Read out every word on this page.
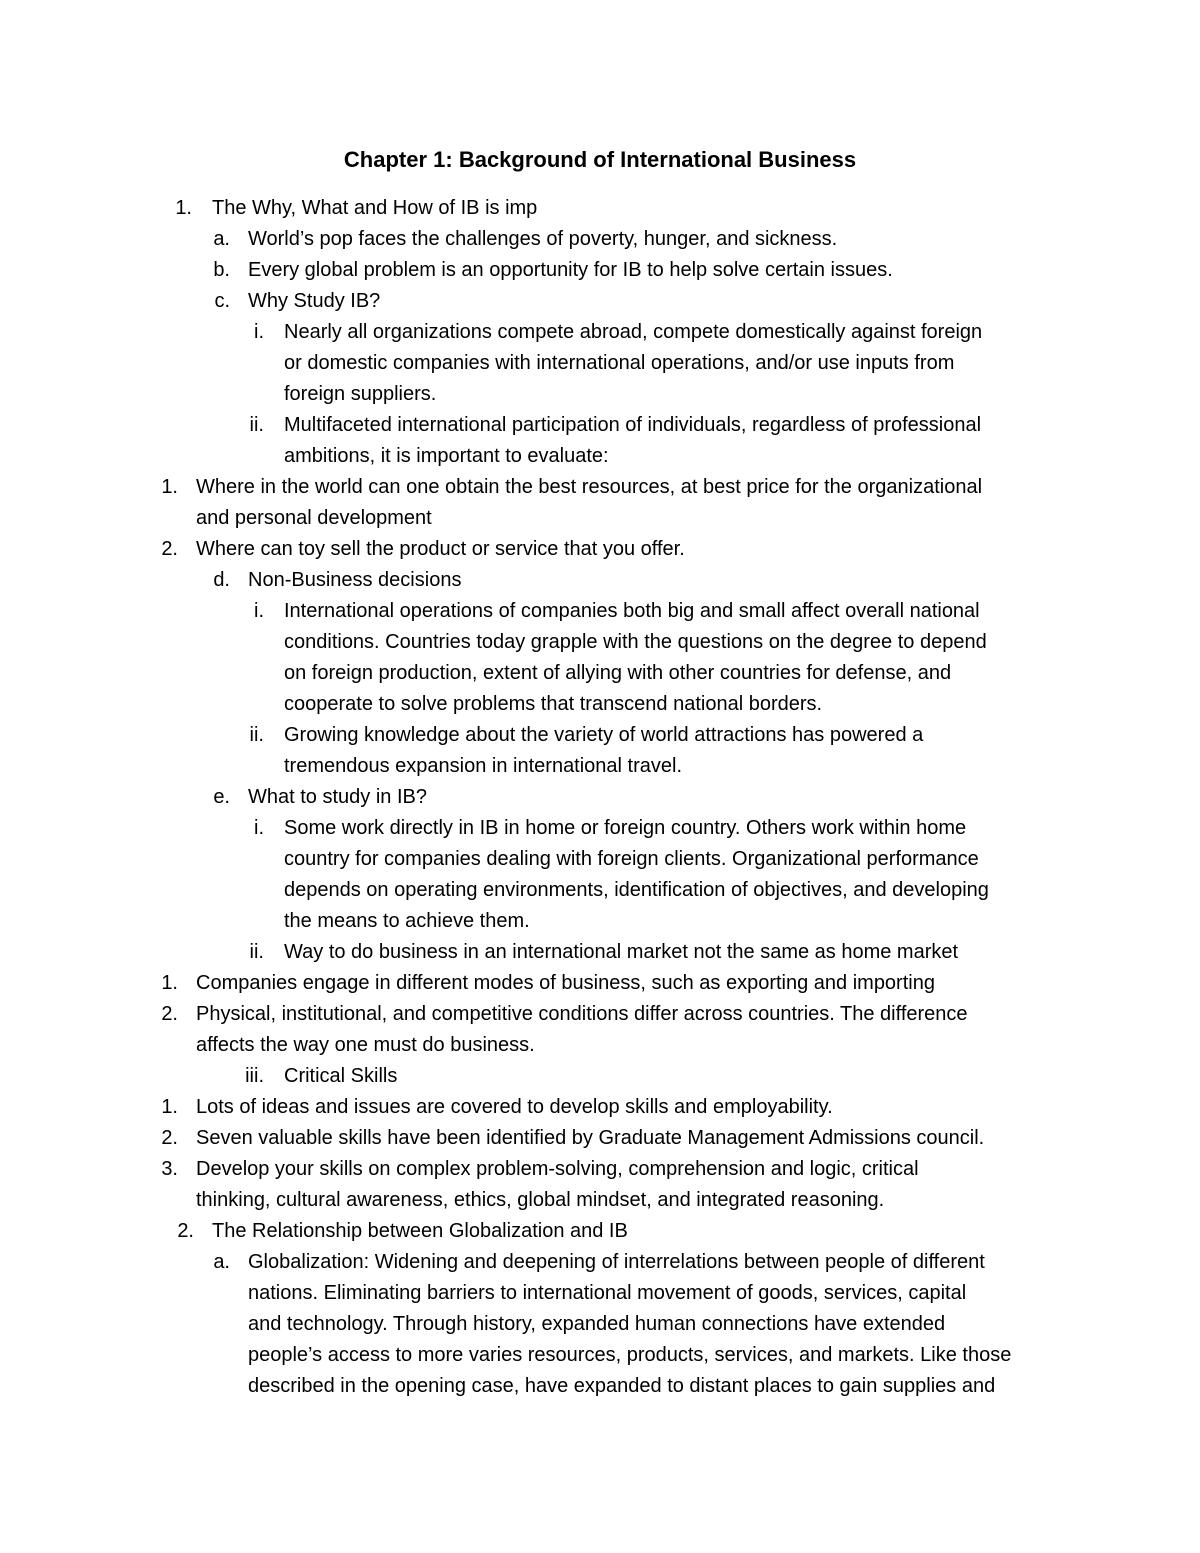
Chapter 1: Background of International Business
1. The Why, What and How of IB is imp
a. World’s pop faces the challenges of poverty, hunger, and sickness.
b. Every global problem is an opportunity for IB to help solve certain issues.
c. Why Study IB?
i. Nearly all organizations compete abroad, compete domestically against foreign
or domestic companies with international operations, and/or use inputs from
foreign suppliers.
ii. Multifaceted international participation of individuals, regardless of professional
ambitions, it is important to evaluate:
1. Where in the world can one obtain the best resources, at best price for the organizational
and personal development
2. Where can toy sell the product or service that you offer.
d. Non-Business decisions
i. International operations of companies both big and small affect overall national
conditions. Countries today grapple with the questions on the degree to depend
on foreign production, extent of allying with other countries for defense, and
cooperate to solve problems that transcend national borders.
ii. Growing knowledge about the variety of world attractions has powered a
tremendous expansion in international travel.
e. What to study in IB?
i. Some work directly in IB in home or foreign country. Others work within home
country for companies dealing with foreign clients. Organizational performance
depends on operating environments, identification of objectives, and developing
the means to achieve them.
ii. Way to do business in an international market not the same as home market
1. Companies engage in different modes of business, such as exporting and importing
2. Physical, institutional, and competitive conditions differ across countries. The difference
affects the way one must do business.
iii. Critical Skills
1. Lots of ideas and issues are covered to develop skills and employability.
2. Seven valuable skills have been identified by Graduate Management Admissions council.
3. Develop your skills on complex problem-solving, comprehension and logic, critical
thinking, cultural awareness, ethics, global mindset, and integrated reasoning.
2. The Relationship between Globalization and IB
a. Globalization: Widening and deepening of interrelations between people of different
nations. Eliminating barriers to international movement of goods, services, capital
and technology. Through history, expanded human connections have extended
people’s access to more varies resources, products, services, and markets. Like those
described in the opening case, have expanded to distant places to gain supplies and
